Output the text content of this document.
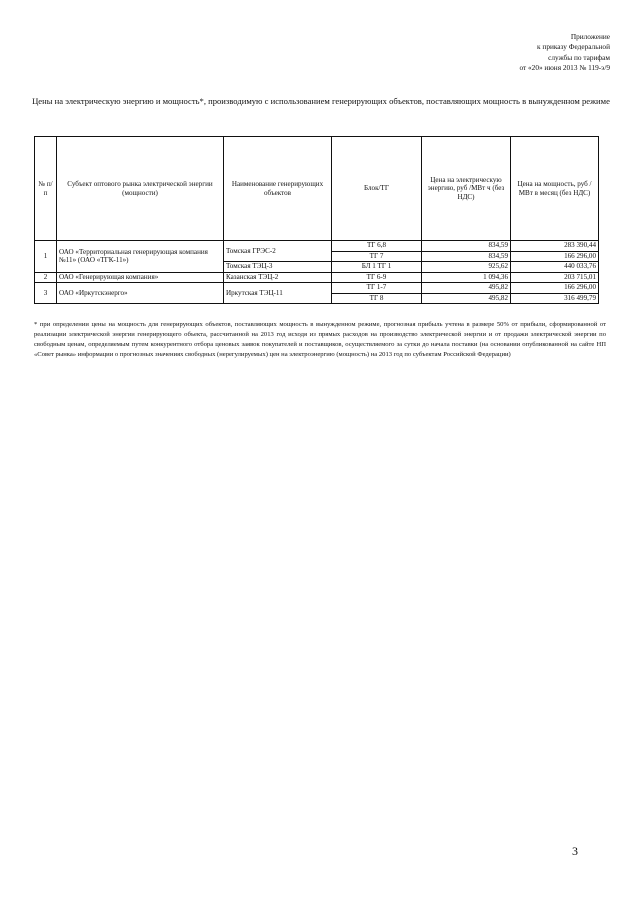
Приложение
к приказу Федеральной
службы по тарифам
от «20» июня 2013 № 119-э/9
Цены на электрическую энергию и мощность*, производимую с использованием генерирующих объектов, поставляющих мощность в вынужденном режиме
№ п/п	Субъект оптового рынка электрической энергии (мощности)	Наименование генерирующих объектов	Блок/ТГ	Цена на электрическую энергию, руб /МВт ч (без НДС)	Цена на мощность, руб /МВт в месяц (без НДС)
1	ОАО «Территориальная генерирующая компания №11» (ОАО «ТГК-11»)	Томская ГРЭС-2	ТГ 6,8	834,59	283 390,44
			ТГ 7	834,59	166 296,00
		Томская ТЭЦ-3	БЛ 1 ТГ 1	925,62	440 033,76
2	ОАО «Генерирующая компания»	Казанская ТЭЦ-2	ТГ 6-9	1 094,36	203 715,01
3	ОАО «Иркутскэнерго»	Иркутская ТЭЦ-11	ТГ 1-7	495,82	166 296,00
			ТГ 8	495,82	316 499,79
* при определении цены на мощность для генерирующих объектов, поставляющих мощность в вынужденном режиме, прогнозная прибыль учтена в размере 50% от прибыли, сформированной от реализации электрической энергии генерирующего объекта, рассчитанной на 2013 год исходя из прямых расходов на производство электрической энергии и от продажи электрической энергии по свободным ценам, определяемым путем конкурентного отбора ценовых заявок покупателей и поставщиков, осуществляемого за сутки до начала поставки (на основании опубликованной на сайте НП «Совет рынка» информации о прогнозных значениях свободных (нерегулируемых) цен на электроэнергию (мощность) на 2013 год по субъектам Российской Федерации)
3
